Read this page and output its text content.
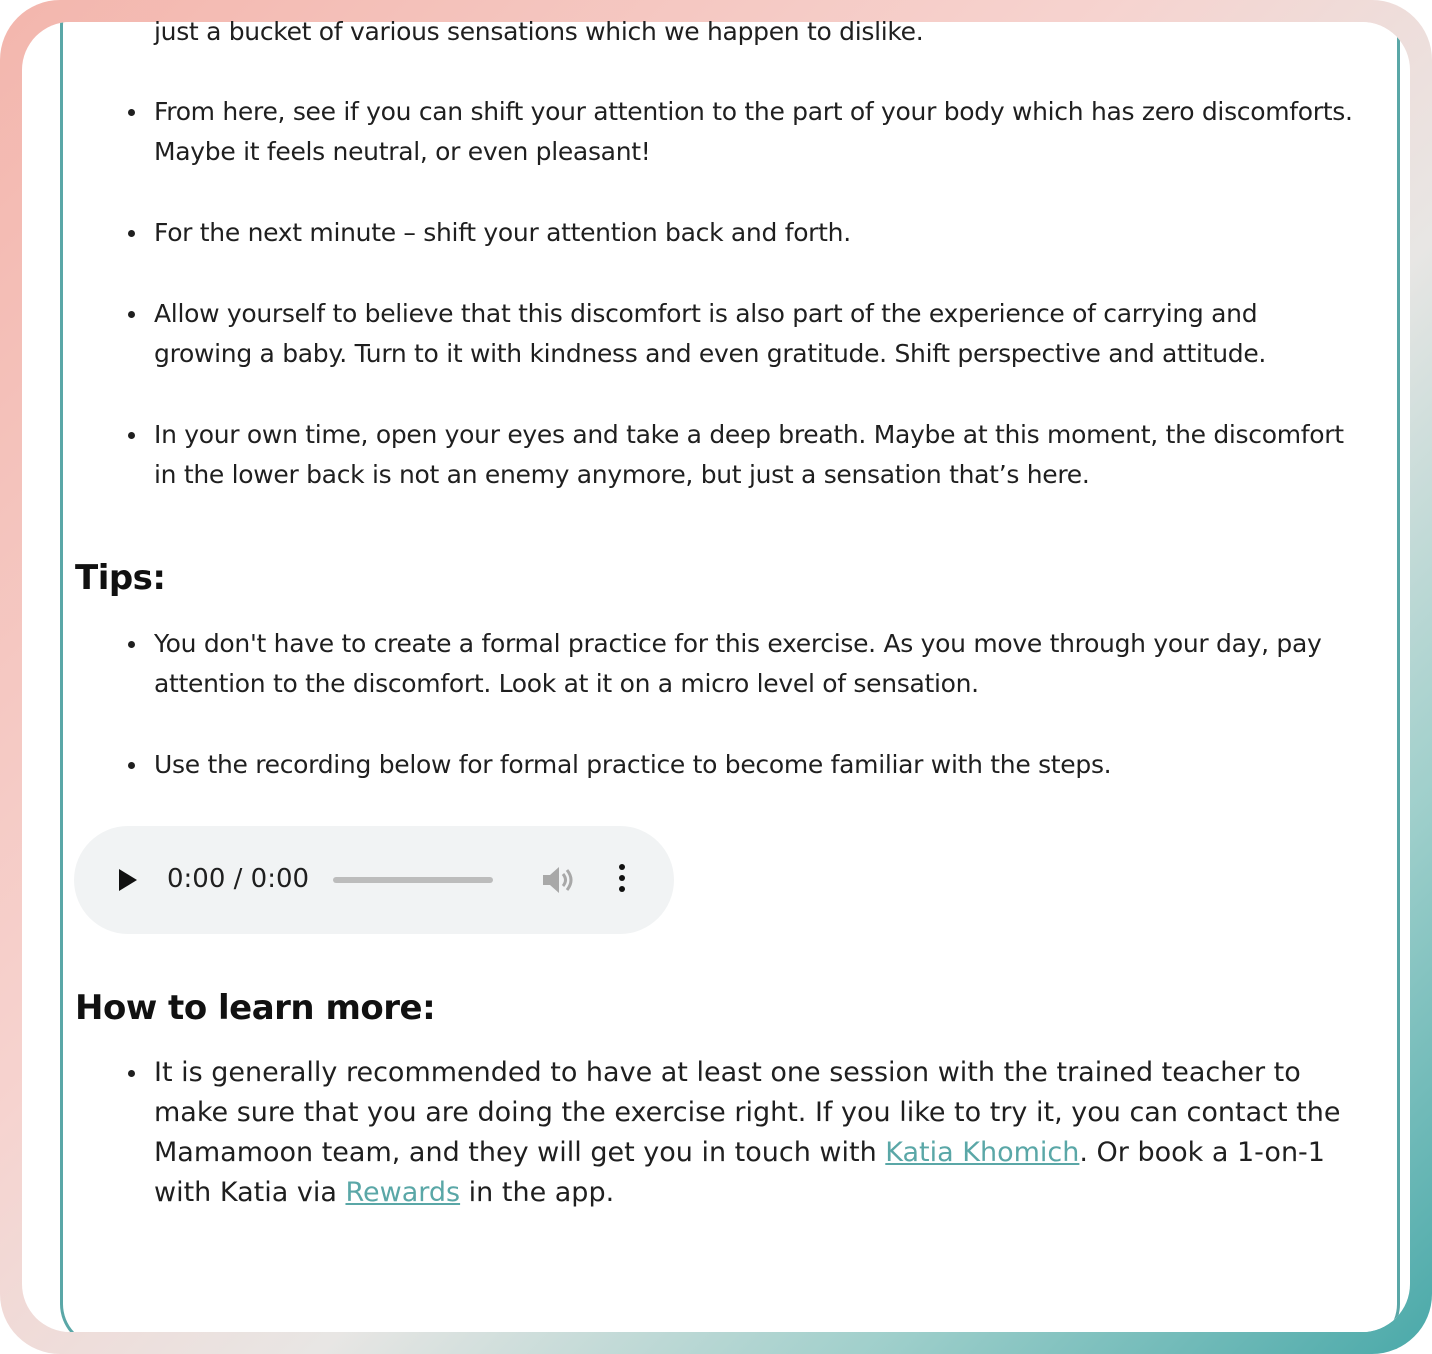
just a bucket of various sensations which we happen to dislike.
From here, see if you can shift your attention to the part of your body which has zero discomforts. Maybe it feels neutral, or even pleasant!
For the next minute – shift your attention back and forth.
Allow yourself to believe that this discomfort is also part of the experience of carrying and growing a baby. Turn to it with kindness and even gratitude. Shift perspective and attitude.
In your own time, open your eyes and take a deep breath. Maybe at this moment, the discomfort in the lower back is not an enemy anymore, but just a sensation that’s here.
Tips:
You don't have to create a formal practice for this exercise. As you move through your day, pay attention to the discomfort. Look at it on a micro level of sensation.
Use the recording below for formal practice to become familiar with the steps.
0:00 / 0:00
How to learn more:
It is generally recommended to have at least one session with the trained teacher to make sure that you are doing the exercise right. If you like to try it, you can contact the Mamamoon team, and they will get you in touch with Katia Khomich. Or book a 1-on-1 with Katia via Rewards in the app.
